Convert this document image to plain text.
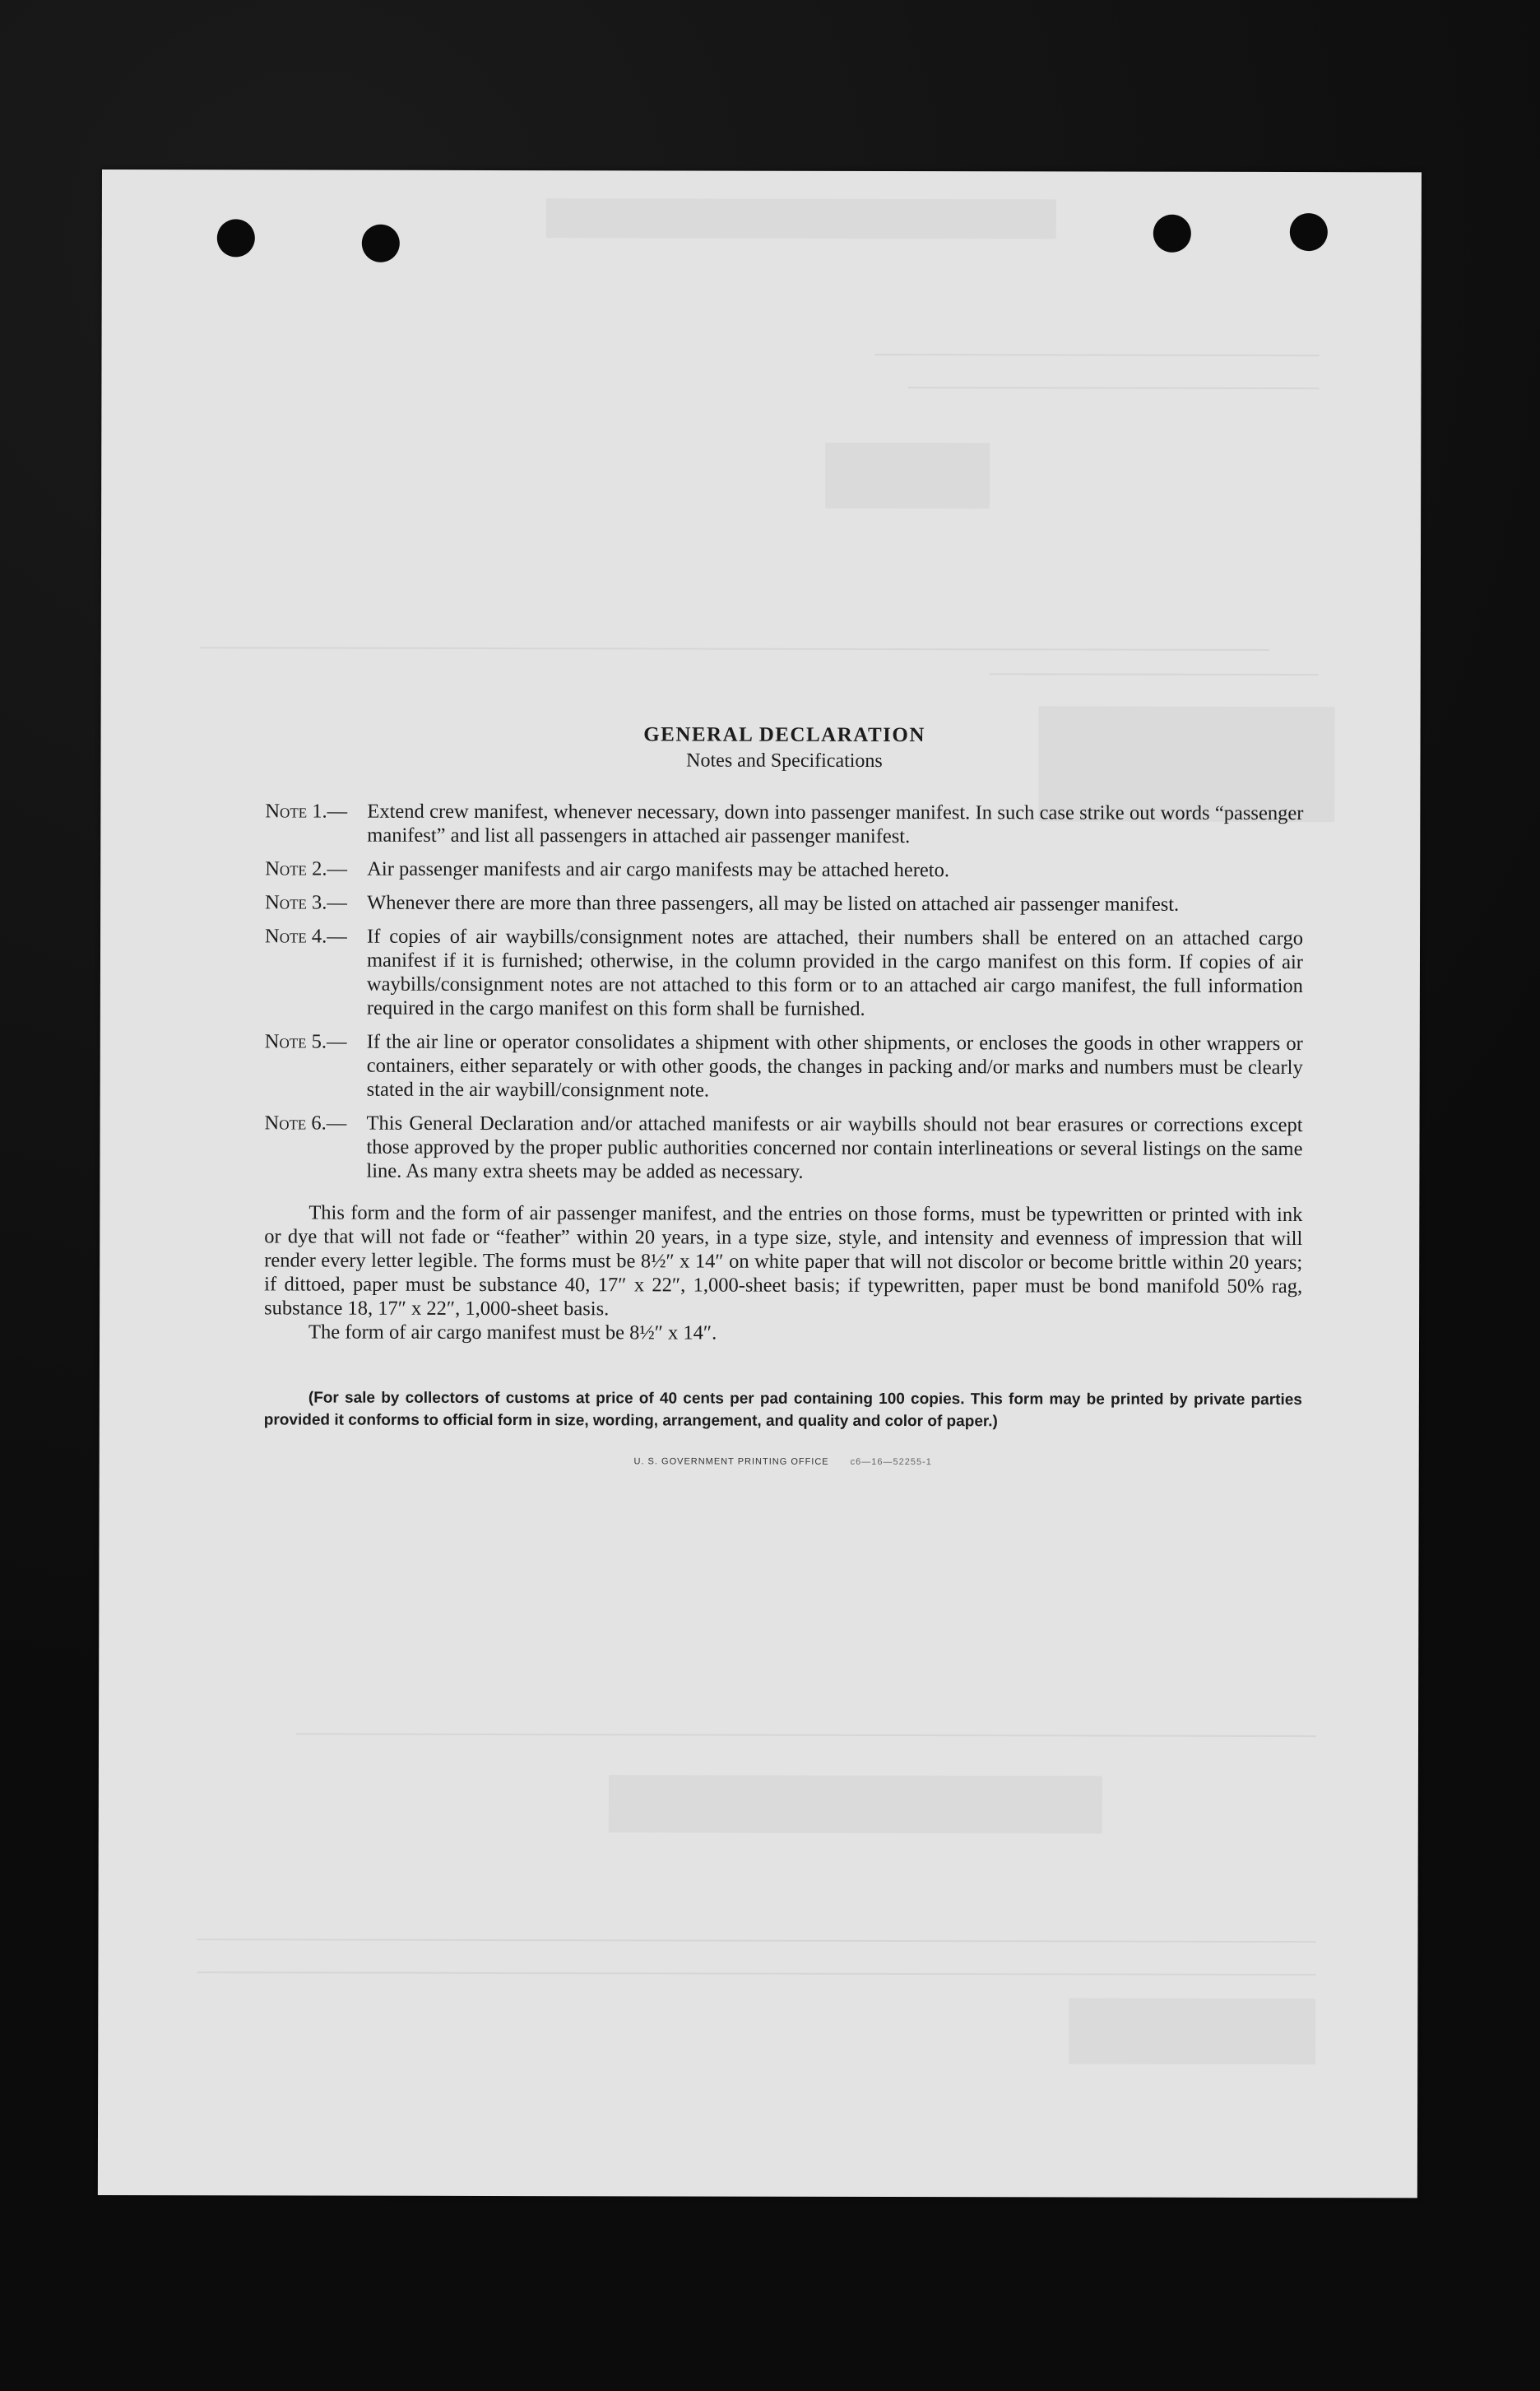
GENERAL DECLARATION
Notes and Specifications
Note 1.— Extend crew manifest, whenever necessary, down into passenger manifest. In such case strike out words “passenger manifest” and list all passengers in attached air passenger manifest.
Note 2.— Air passenger manifests and air cargo manifests may be attached hereto.
Note 3.— Whenever there are more than three passengers, all may be listed on attached air passenger manifest.
Note 4.— If copies of air waybills/consignment notes are attached, their numbers shall be entered on an attached cargo manifest if it is furnished; otherwise, in the column provided in the cargo manifest on this form. If copies of air waybills/consignment notes are not attached to this form or to an attached air cargo manifest, the full information required in the cargo manifest on this form shall be furnished.
Note 5.— If the air line or operator consolidates a shipment with other shipments, or encloses the goods in other wrappers or containers, either separately or with other goods, the changes in packing and/or marks and numbers must be clearly stated in the air waybill/consignment note.
Note 6.— This General Declaration and/or attached manifests or air waybills should not bear erasures or corrections except those approved by the proper public authorities concerned nor contain interlineations or several listings on the same line. As many extra sheets may be added as necessary.

This form and the form of air passenger manifest, and the entries on those forms, must be typewritten or printed with ink or dye that will not fade or “feather” within 20 years, in a type size, style, and intensity and evenness of impression that will render every letter legible. The forms must be 8½″ x 14″ on white paper that will not discolor or become brittle within 20 years; if dittoed, paper must be substance 40, 17″ x 22″, 1,000-sheet basis; if typewritten, paper must be bond manifold 50% rag, substance 18, 17″ x 22″, 1,000-sheet basis.

The form of air cargo manifest must be 8½″ x 14″.

(For sale by collectors of customs at price of 40 cents per pad containing 100 copies. This form may be printed by private parties provided it conforms to official form in size, wording, arrangement, and quality and color of paper.)

U. S. GOVERNMENT PRINTING OFFICE c6—16—52255-1
